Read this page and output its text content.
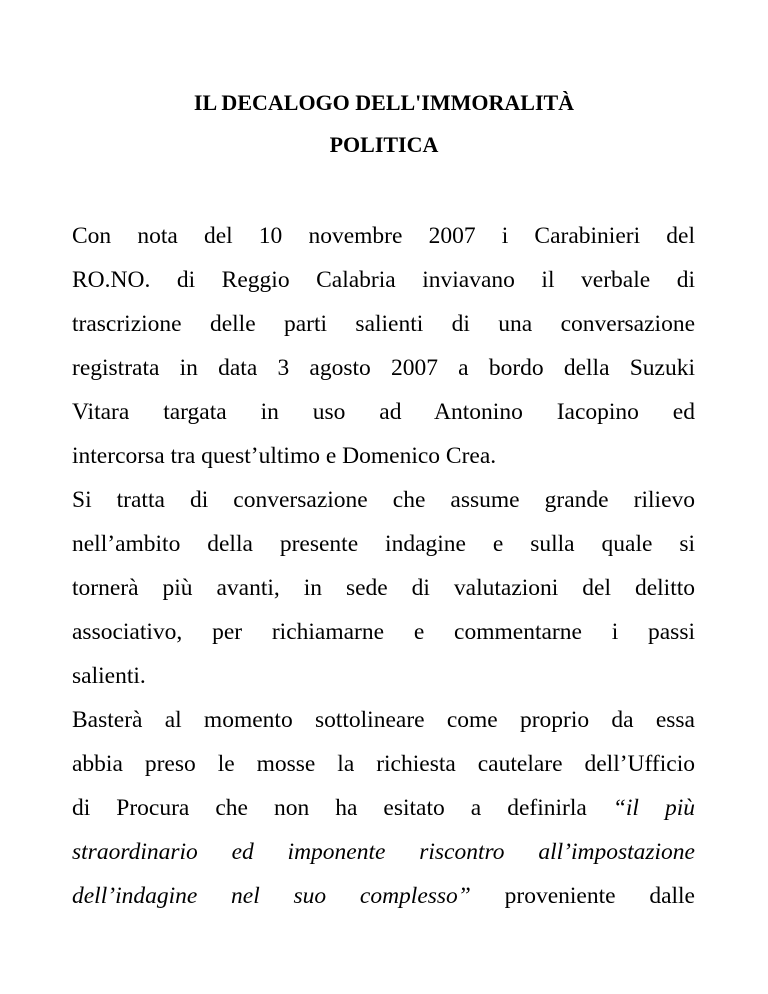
IL DECALOGO DELL'IMMORALITÀ
POLITICA

Con nota del 10 novembre 2007 i Carabinieri del

RO.NO. di Reggio Calabria inviavano il verbale di

trascrizione delle parti salienti di una conversazione

registrata in data 3 agosto 2007 a bordo della Suzuki

Vitara targata in uso ad Antonino Iacopino ed

intercorsa tra quest’ultimo e Domenico Crea.

Si tratta di conversazione che assume grande rilievo

nell’ambito della presente indagine e sulla quale si

tornerà più avanti, in sede di valutazioni del delitto

associativo, per richiamarne e commentarne i passi

salienti.

Basterà al momento sottolineare come proprio da essa

abbia preso le mosse la richiesta cautelare dell’Ufficio

di Procura che non ha esitato a definirla “il più

straordinario ed imponente riscontro all’impostazione

dell’indagine nel suo complesso” proveniente dalle
